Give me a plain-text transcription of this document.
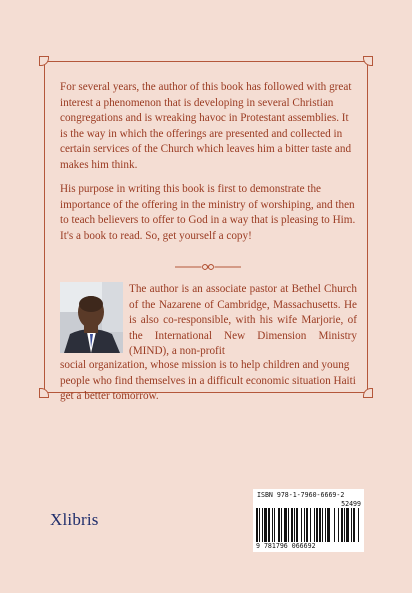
For several years, the author of this book has followed with great interest a phenomenon that is developing in several Christian congregations and is wreaking havoc in Protestant assemblies. It is the way in which the offerings are presented and collected in certain services of the Church which leaves him a bitter taste and makes him think.

His purpose in writing this book is first to demonstrate the importance of the offering in the ministry of worshiping, and then to teach believers to offer to God in a way that is pleasing to Him. It's a book to read. So, get yourself a copy!

The author is an associate pastor at Bethel Church of the Nazarene of Cambridge, Massachusetts. He is also co-responsible, with his wife Marjorie, of the International New Dimension Ministry (MIND), a non-profit

social organization, whose mission is to help children and young people who find themselves in a difficult economic situation Haiti get a better tomorrow.

Xlibris
ISBN 978-1-7960-6669-2
52499
9 781796 066692
